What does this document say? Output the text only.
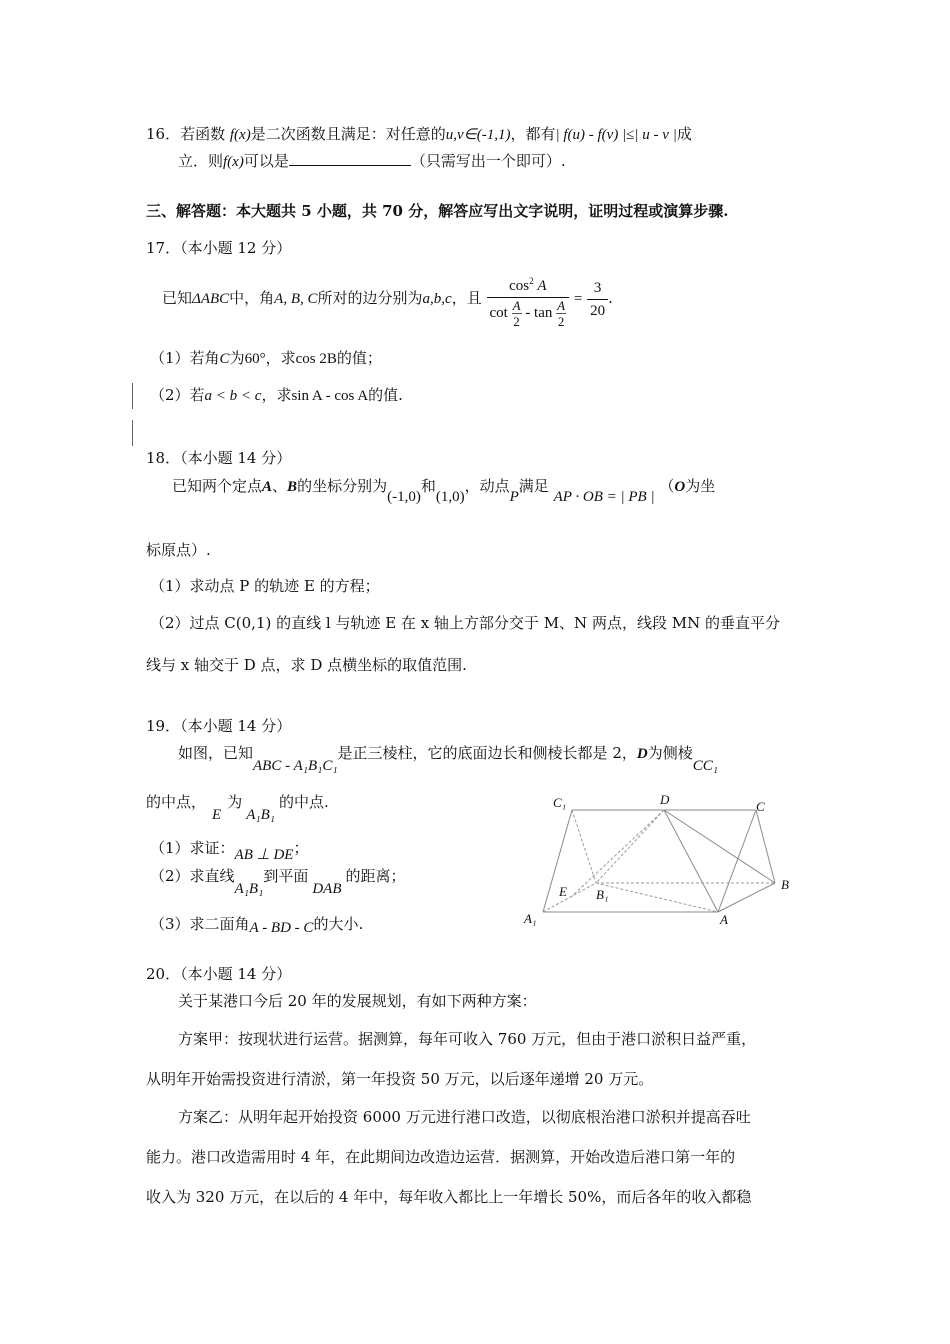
16．若函数 f(x)是二次函数且满足：对任意的u,v∈(-1,1)，都有| f(u) - f(v) |≤| u - v |成
立．则f(x)可以是	（只需写出一个即可）.
三、解答题：本大题共 5 小题，共 70 分，解答应写出文字说明，证明过程或演算步骤.
17．（本小题 12 分）
已知ΔABC中，角A, B, C所对的边分别为a,b,c，且 $\frac{\cos^2 A}{\cot \frac{A}{2} - \tan \frac{A}{2}} = \frac{3}{20}$ .
（1）若角C为60°，求cos 2B的值；
（2）若a < b < c，求sin A - cos A的值.
18．（本小题 14 分）
已知两个定点A、B的坐标分别为(-1,0)和(1,0)，动点P满足 AP · OB = | PB | （O为坐
标原点）.
（1）求动点 P 的轨迹 E 的方程；
（2）过点 C(0,1) 的直线 l 与轨迹 E 在 x 轴上方部分交于 M、N 两点，线段 MN 的垂直平分
线与 x 轴交于 D 点，求 D 点横坐标的取值范围.
19．（本小题 14 分）
如图，已知ABC - A₁B₁C₁是正三棱柱，它的底面边长和侧棱长都是 2，D为侧棱CC₁
的中点，E为A₁B₁的中点.
（1）求证：AB ⊥ DE；
（2）求直线A₁B₁到平面DAB的距离；
（3）求二面角A - BD - C的大小.
C₁	D	C
E B₁
B
A₁	A
20．（本小题 14 分）
关于某港口今后 20 年的发展规划，有如下两种方案：
方案甲：按现状进行运营。据测算，每年可收入 760 万元，但由于港口淤积日益严重，
从明年开始需投资进行清淤，第一年投资 50 万元，以后逐年递增 20 万元。
方案乙：从明年起开始投资 6000 万元进行港口改造，以彻底根治港口淤积并提高吞吐
能力。港口改造需用时 4 年，在此期间边改造边运营．据测算，开始改造后港口第一年的
收入为 320 万元，在以后的 4 年中，每年收入都比上一年增长 50%，而后各年的收入都稳
